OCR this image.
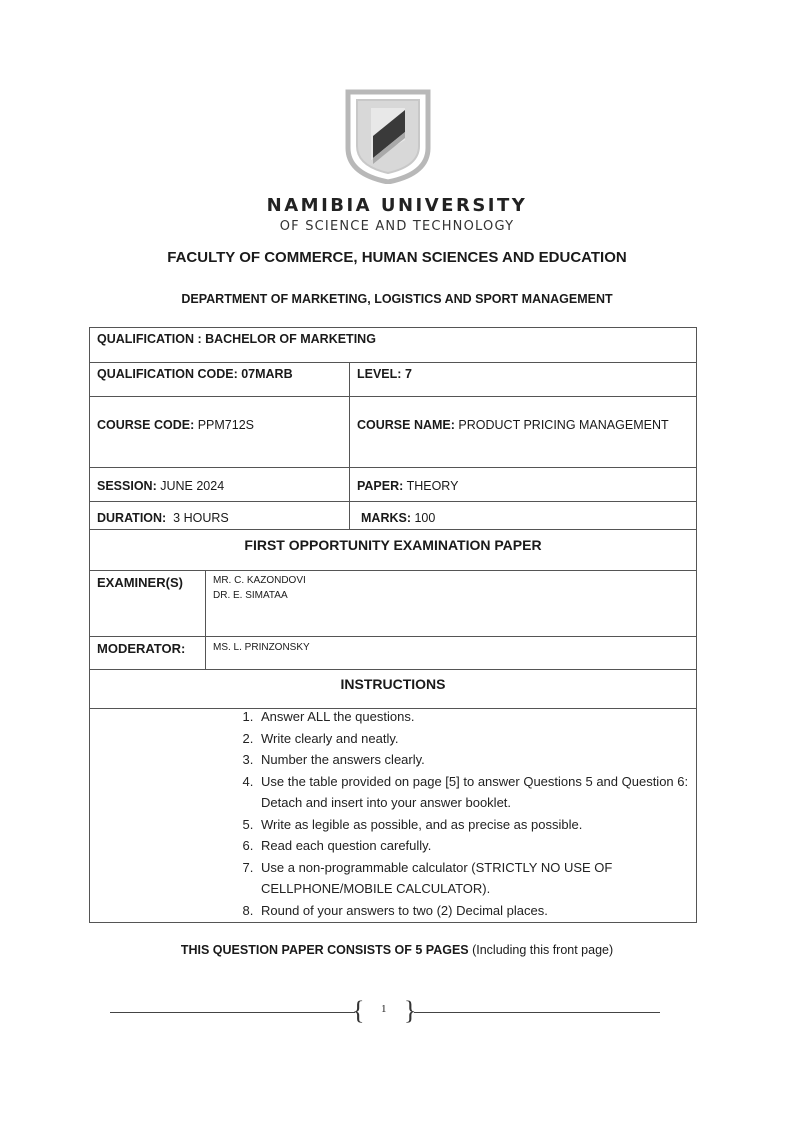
NAMIBIA UNIVERSITY
OF SCIENCE AND TECHNOLOGY
FACULTY OF COMMERCE, HUMAN SCIENCES AND EDUCATION
DEPARTMENT OF MARKETING, LOGISTICS AND SPORT MANAGEMENT
QUALIFICATION : BACHELOR OF MARKETING
QUALIFICATION CODE: 07MARB	LEVEL: 7
COURSE CODE: PPM712S	COURSE NAME: PRODUCT PRICING MANAGEMENT
SESSION: JUNE 2024	PAPER: THEORY
DURATION: 3 HOURS	MARKS: 100
FIRST OPPORTUNITY EXAMINATION PAPER
EXAMINER(S)	MR. C. KAZONDOVI
DR. E. SIMATAA
MODERATOR:	MS. L. PRINZONSKY
INSTRUCTIONS
1. Answer ALL the questions.
2. Write clearly and neatly.
3. Number the answers clearly.
4. Use the table provided on page [5] to answer Questions 5 and Question 6: Detach and insert into your answer booklet.
5. Write as legible as possible, and as precise as possible.
6. Read each question carefully.
7. Use a non-programmable calculator (STRICTLY NO USE OF CELLPHONE/MOBILE CALCULATOR).
8. Round of your answers to two (2) Decimal places.
THIS QUESTION PAPER CONSISTS OF 5 PAGES (Including this front page)
{ 1 }
